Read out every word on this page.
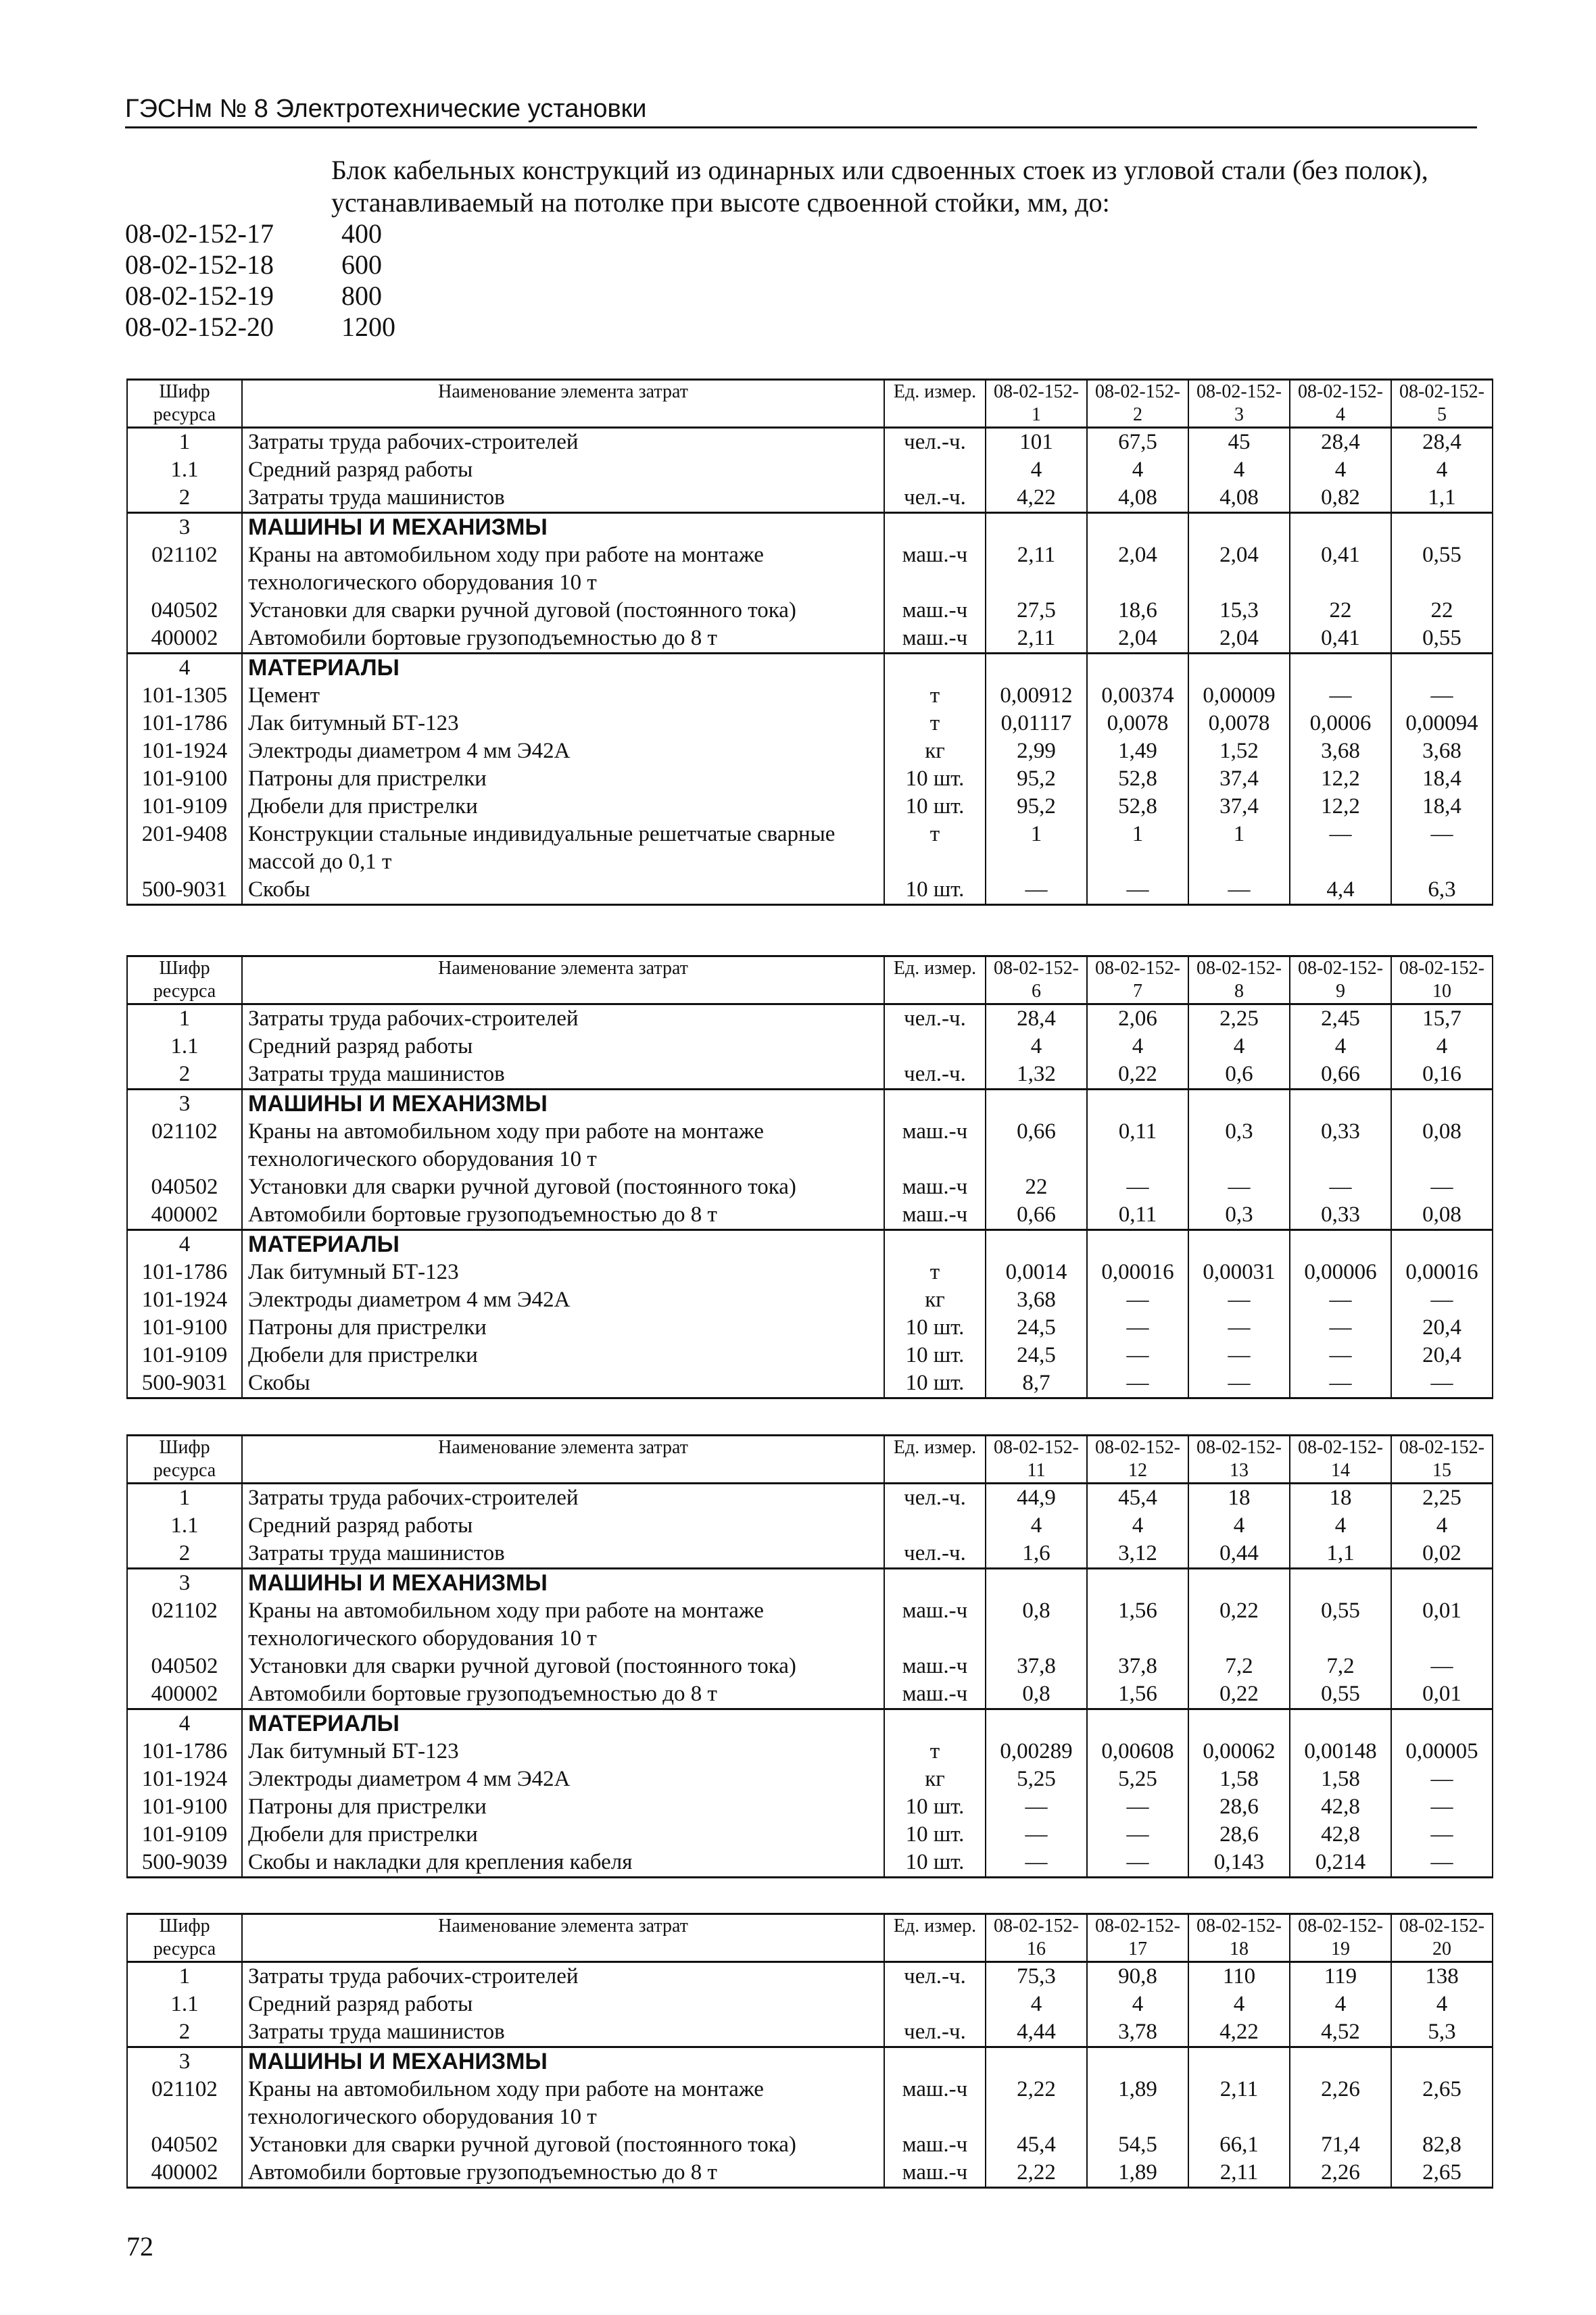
ГЭСНм № 8 Электротехнические установки
Блок кабельных конструкций из одинарных или сдвоенных стоек из угловой стали (без полок), устанавливаемый на потолке при высоте сдвоенной стойки, мм, до:
08-02-152-17	400
08-02-152-18	600
08-02-152-19	800
08-02-152-20	1200
Шифр ресурса	Наименование элемента затрат	Ед. измер.	08-02-152-1	08-02-152-2	08-02-152-3	08-02-152-4	08-02-152-5
1	Затраты труда рабочих-строителей	чел.-ч.	101	67,5	45	28,4	28,4
1.1	Средний разряд работы		4	4	4	4	4
2	Затраты труда машинистов	чел.-ч.	4,22	4,08	4,08	0,82	1,1
3	МАШИНЫ И МЕХАНИЗМЫ						
021102	Краны на автомобильном ходу при работе на монтаже технологического оборудования 10 т	маш.-ч	2,11	2,04	2,04	0,41	0,55
040502	Установки для сварки ручной дуговой (постоянного тока)	маш.-ч	27,5	18,6	15,3	22	22
400002	Автомобили бортовые грузоподъемностью до 8 т	маш.-ч	2,11	2,04	2,04	0,41	0,55
4	МАТЕРИАЛЫ						
101-1305	Цемент	т	0,00912	0,00374	0,00009	—	—
101-1786	Лак битумный БТ-123	т	0,01117	0,0078	0,0078	0,0006	0,00094
101-1924	Электроды диаметром 4 мм Э42А	кг	2,99	1,49	1,52	3,68	3,68
101-9100	Патроны для пристрелки	10 шт.	95,2	52,8	37,4	12,2	18,4
101-9109	Дюбели для пристрелки	10 шт.	95,2	52,8	37,4	12,2	18,4
201-9408	Конструкции стальные индивидуальные решетчатые сварные массой до 0,1 т	т	1	1	1	—	—
500-9031	Скобы	10 шт.	—	—	—	4,4	6,3
Шифр ресурса	Наименование элемента затрат	Ед. измер.	08-02-152-6	08-02-152-7	08-02-152-8	08-02-152-9	08-02-152-10
1	Затраты труда рабочих-строителей	чел.-ч.	28,4	2,06	2,25	2,45	15,7
1.1	Средний разряд работы		4	4	4	4	4
2	Затраты труда машинистов	чел.-ч.	1,32	0,22	0,6	0,66	0,16
3	МАШИНЫ И МЕХАНИЗМЫ						
021102	Краны на автомобильном ходу при работе на монтаже технологического оборудования 10 т	маш.-ч	0,66	0,11	0,3	0,33	0,08
040502	Установки для сварки ручной дуговой (постоянного тока)	маш.-ч	22	—	—	—	—
400002	Автомобили бортовые грузоподъемностью до 8 т	маш.-ч	0,66	0,11	0,3	0,33	0,08
4	МАТЕРИАЛЫ						
101-1786	Лак битумный БТ-123	т	0,0014	0,00016	0,00031	0,00006	0,00016
101-1924	Электроды диаметром 4 мм Э42А	кг	3,68	—	—	—	—
101-9100	Патроны для пристрелки	10 шт.	24,5	—	—	—	20,4
101-9109	Дюбели для пристрелки	10 шт.	24,5	—	—	—	20,4
500-9031	Скобы	10 шт.	8,7	—	—	—	—
Шифр ресурса	Наименование элемента затрат	Ед. измер.	08-02-152-11	08-02-152-12	08-02-152-13	08-02-152-14	08-02-152-15
1	Затраты труда рабочих-строителей	чел.-ч.	44,9	45,4	18	18	2,25
1.1	Средний разряд работы		4	4	4	4	4
2	Затраты труда машинистов	чел.-ч.	1,6	3,12	0,44	1,1	0,02
3	МАШИНЫ И МЕХАНИЗМЫ						
021102	Краны на автомобильном ходу при работе на монтаже технологического оборудования 10 т	маш.-ч	0,8	1,56	0,22	0,55	0,01
040502	Установки для сварки ручной дуговой (постоянного тока)	маш.-ч	37,8	37,8	7,2	7,2	—
400002	Автомобили бортовые грузоподъемностью до 8 т	маш.-ч	0,8	1,56	0,22	0,55	0,01
4	МАТЕРИАЛЫ						
101-1786	Лак битумный БТ-123	т	0,00289	0,00608	0,00062	0,00148	0,00005
101-1924	Электроды диаметром 4 мм Э42А	кг	5,25	5,25	1,58	1,58	—
101-9100	Патроны для пристрелки	10 шт.	—	—	28,6	42,8	—
101-9109	Дюбели для пристрелки	10 шт.	—	—	28,6	42,8	—
500-9039	Скобы и накладки для крепления кабеля	10 шт.	—	—	0,143	0,214	—
Шифр ресурса	Наименование элемента затрат	Ед. измер.	08-02-152-16	08-02-152-17	08-02-152-18	08-02-152-19	08-02-152-20
1	Затраты труда рабочих-строителей	чел.-ч.	75,3	90,8	110	119	138
1.1	Средний разряд работы		4	4	4	4	4
2	Затраты труда машинистов	чел.-ч.	4,44	3,78	4,22	4,52	5,3
3	МАШИНЫ И МЕХАНИЗМЫ						
021102	Краны на автомобильном ходу при работе на монтаже технологического оборудования 10 т	маш.-ч	2,22	1,89	2,11	2,26	2,65
040502	Установки для сварки ручной дуговой (постоянного тока)	маш.-ч	45,4	54,5	66,1	71,4	82,8
400002	Автомобили бортовые грузоподъемностью до 8 т	маш.-ч	2,22	1,89	2,11	2,26	2,65
72
